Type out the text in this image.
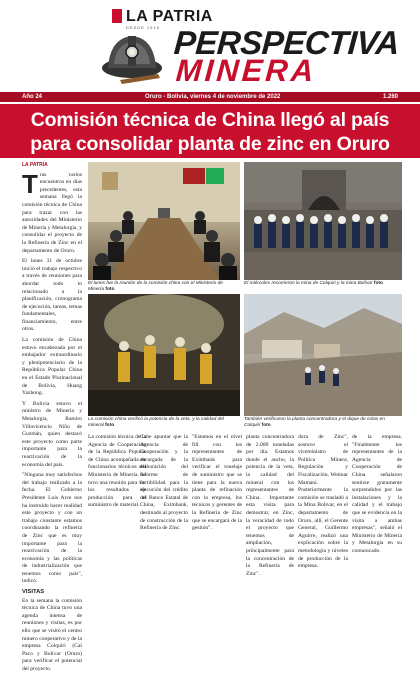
LA PATRIA
DESDE 1919 PERSPECTIVA
MINERA
Año 24	Oruro - Bolivia, viernes 4 de noviembre de 2022	1.260
Comisión técnica de China llegó al país
para consolidar planta de zinc en Oruro
LA PATRIA

Tras varios encuentros en días precedentes, esta semana llegó la comisión técnica de China para trazar con las autoridades del Ministerio de Minería y Metalurgia, y consolidar el proyecto de la Refinería de Zinc en el departamento de Oruro.

El lunes 31 de octubre inició el trabajo respectivo a través de reuniones para abordar todo lo relacionado a la planificación, cronograma de ejecución, tareas, temas fundamentales, financiamiento, entre otros.

La comisión de China estuvo encabezada por el embajador extraordinario y plenipotenciario de la República Popular China en el Estado Plurinacional de Bolivia, Huang Yazhong.

Y Bolivia estuvo el ministro de Minería y Metalurgia, Ramiro Villavicencio Niño de Guzmán, quien destacó este proyecto como parte importante para la reactivación de la economía del país.

"Ninguna muy satisfechos del trabajo realizado a la fecha. El Gobierno Presidente Luis Arce nos ha instruido hacer realidad este proyecto y con un trabajo constante estamos coordinando la refinería de Zinc que es muy importante para la reactivación de la economía y las políticas de industrialización que tenemos como país", indicó.

VISITAS

En la semana la comisión técnica de China tuvo una agenda intensa de reuniones y visitas, es por ello que se visitó el centro minero cooperativo y de la empresa Colquiri (Cal Paco y Bolívar (Oruro) para verificar el potencial del proyecto.

El lunes fue la reunión de la comisión china con el Ministerio de Minería foto
El miércoles recorrieron la mina de Colquiri y la mina Bolívar foto
La comisión china verificó la potencia de la veta, y la calidad del mineral foto
También verificaron la planta concentradora y el dique de colas en Colquiri foto

La comisión técnica de la Agencia de Cooperación de la República Popular de China acompañada de funcionarios técnicos del Ministerio de Minería. Se tuvo una reunión para ver los resultados de producción para el suministro de material.

Cabe apuntar que la Agencia de Cooperación y la encargada de la elaboración del informe de factibilidad para la ejecución del crédito del Banco Estatal de China, Eximbank, destinado al proyecto de construcción de la Refinería de Zinc.

"Estamos en el nivel fill con los representantes de Eximbank para verificar el tonelaje de suministro que se tiene para la nueva planta de refinación con la empresa, los técnicos y gerentes de la Refinería de Zinc que se encargará de la gestión".

planta concentradora de 2.000 toneladas por día. Estamos donde el ancho, la potencia de la veta, la calidad del mineral con los representantes de China. Importante esta visita para demostrar, en Zinc, la veracidad de todo el proyecto que tenemos de ampliación, principalmente para la concentración de la Refinería de Zinc".

dora de Zinc", sostuvo el viceministro de Política Minera, Regulación y Fiscalización, Weimar Mamani. Posteriormente la comisión se trasladó a la Mina Bolívar, en el departamento de Oruro, allí, el Gerente General, Guillermo Aguirre, realizó una explicación sobre la metodología y niveles de producción de la empresa.

de la empresa. "Finalmente los representantes de la Agencia de Cooperación de China señalaron sentirse gratamente sorprendidos por las instalaciones y la calidad y el trabajo que se evidencia en la visita a ambas empresas", señaló el Ministerio de Minería y Metalurgia en su comunicado.
